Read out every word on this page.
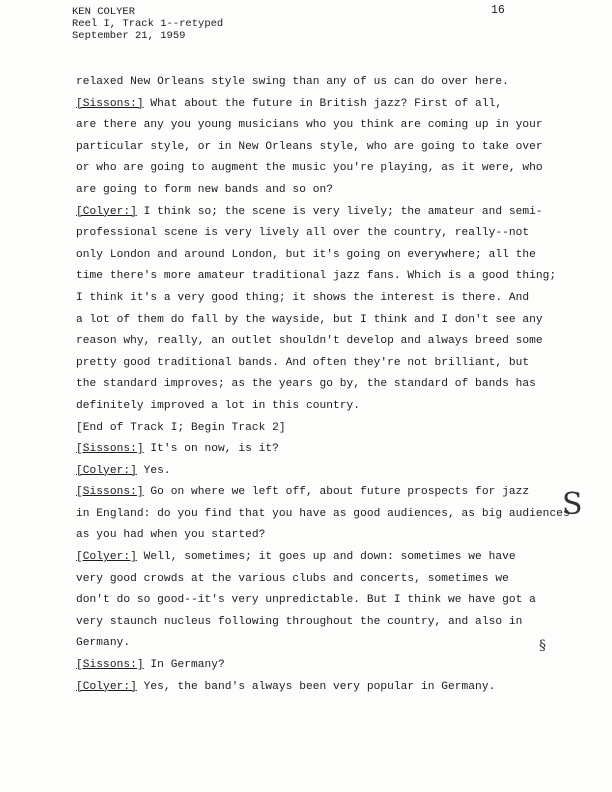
KEN COLYER
Reel I, Track 1--retyped
September 21, 1959
16
relaxed New Orleans style swing than any of us can do over here.
[Sissons:] What about the future in British jazz? First of all,
are there any you young musicians who you think are coming up in your
particular style, or in New Orleans style, who are going to take over
or who are going to augment the music you're playing, as it were, who
are going to form new bands and so on?
[Colyer:] I think so; the scene is very lively; the amateur and semi-
professional scene is very lively all over the country, really--not
only London and around London, but it's going on everywhere; all the
time there's more amateur traditional jazz fans. Which is a good thing;
I think it's a very good thing; it shows the interest is there. And
a lot of them do fall by the wayside, but I think and I don't see any
reason why, really, an outlet shouldn't develop and always breed some
pretty good traditional bands. And often they're not brilliant, but
the standard improves; as the years go by, the standard of bands has
definitely improved a lot in this country.
[End of Track I; Begin Track 2]
[Sissons:] It's on now, is it?
[Colyer:] Yes.
[Sissons:] Go on where we left off, about future prospects for jazz
in England: do you find that you have as good audiences, as big audiences
as you had when you started?
[Colyer:] Well, sometimes; it goes up and down: sometimes we have
very good crowds at the various clubs and concerts, sometimes we
don't do so good--it's very unpredictable. But I think we have got a
very staunch nucleus following throughout the country, and also in
Germany.
[Sissons:] In Germany?
[Colyer:] Yes, the band's always been very popular in Germany.
S
§
